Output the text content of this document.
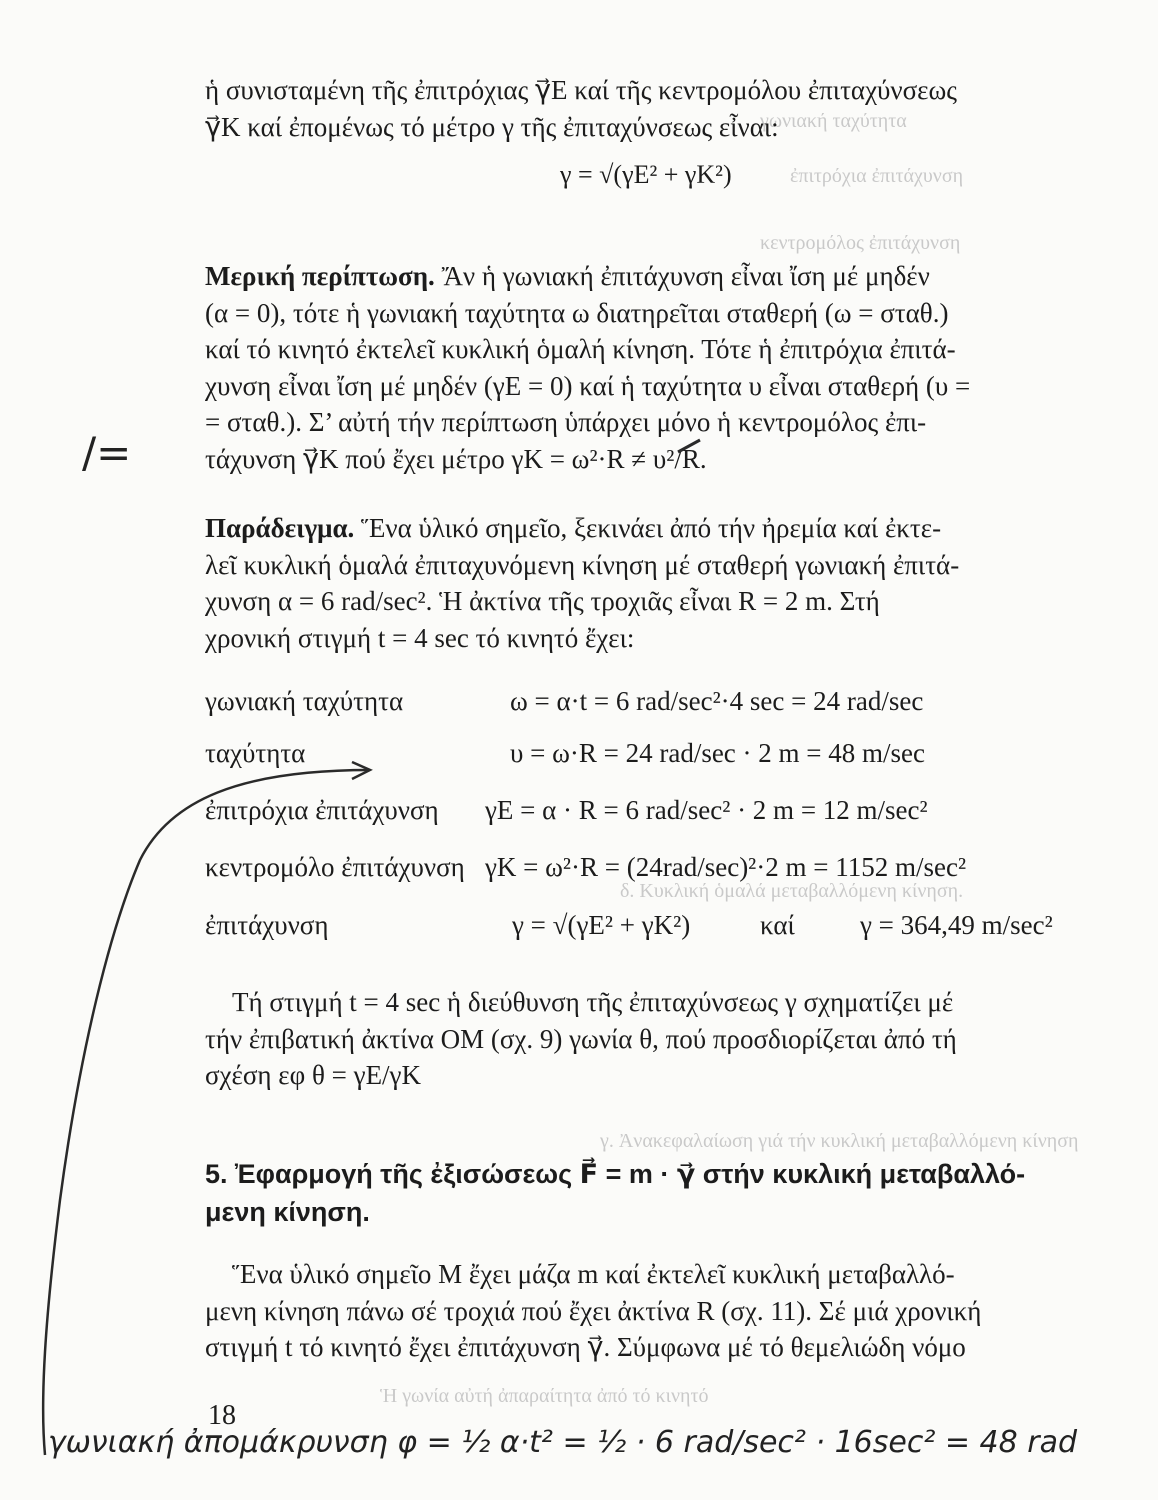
γωνιακή ταχύτητα
ἐπιτρόχια ἐπιτάχυνση
κεντρομόλος ἐπιτάχυνση
δ. Κυκλική ὁμαλά μεταβαλλόμενη κίνηση.
γ. Ἀνακεφαλαίωση γιά τήν κυκλική μεταβαλλόμενη κίνηση
Ἡ γωνία αὐτή ἀπαραίτητα ἀπό τό κινητό
ἡ συνισταμένη τῆς ἐπιτρόχιας γ⃗Ε καί τῆς κεντρομόλου ἐπιταχύνσεως
γ⃗Κ καί ἐπομένως τό μέτρο γ τῆς ἐπιταχύνσεως εἶναι:
γ = √(γΕ² + γΚ²)
Μερική περίπτωση. Ἄν ἡ γωνιακή ἐπιτάχυνση εἶναι ἴση μέ μηδέν
(α = 0), τότε ἡ γωνιακή ταχύτητα ω διατηρεῖται σταθερή (ω = σταθ.)
καί τό κινητό ἐκτελεῖ κυκλική ὁμαλή κίνηση. Τότε ἡ ἐπιτρόχια ἐπιτά-
χυνση εἶναι ἴση μέ μηδέν (γΕ = 0) καί ἡ ταχύτητα υ εἶναι σταθερή (υ =
= σταθ.). Σ’ αὐτή τήν περίπτωση ὑπάρχει μόνο ἡ κεντρομόλος ἐπι-
τάχυνση γ⃗Κ πού ἔχει μέτρο γΚ = ω²·R ≠ υ²/R.
/=
Παράδειγμα. Ἕνα ὑλικό σημεῖο, ξεκινάει ἀπό τήν ἠρεμία καί ἐκτε-
λεῖ κυκλική ὁμαλά ἐπιταχυνόμενη κίνηση μέ σταθερή γωνιακή ἐπιτά-
χυνση α = 6 rad/sec². Ἡ ἀκτίνα τῆς τροχιᾶς εἶναι R = 2 m. Στή
χρονική στιγμή t = 4 sec τό κινητό ἔχει:
γωνιακή ταχύτητα	ω = α·t = 6 rad/sec²·4 sec = 24 rad/sec
ταχύτητα	υ = ω·R = 24 rad/sec · 2 m = 48 m/sec
ἐπιτρόχια ἐπιτάχυνση γΕ = α · R = 6 rad/sec² · 2 m = 12 m/sec²
κεντρομόλο ἐπιτάχυνση γΚ = ω²·R = (24rad/sec)²·2 m = 1152 m/sec²
ἐπιτάχυνση	γ = √(γΕ² + γΚ²)	καί γ = 364,49 m/sec²
Τή στιγμή t = 4 sec ἡ διεύθυνση τῆς ἐπιταχύνσεως γ σχηματίζει μέ
τήν ἐπιβατική ἀκτίνα ΟΜ (σχ. 9) γωνία θ, πού προσδιορίζεται ἀπό τή
σχέση εφ θ = γΕ/γΚ
5. Ἐφαρμογή τῆς ἐξισώσεως F⃗ = m · γ⃗ στήν κυκλική μεταβαλλό-
μενη κίνηση.
Ἕνα ὑλικό σημεῖο Μ ἔχει μάζα m καί ἐκτελεῖ κυκλική μεταβαλλό-
μενη κίνηση πάνω σέ τροχιά πού ἔχει ἀκτίνα R (σχ. 11). Σέ μιά χρονική
στιγμή t τό κινητό ἔχει ἐπιτάχυνση γ⃗. Σύμφωνα μέ τό θεμελιώδη νόμο
18
γωνιακή ἀπομάκρυνση φ = ½ α·t² = ½ · 6 rad/sec² · 16sec² = 48 rad
